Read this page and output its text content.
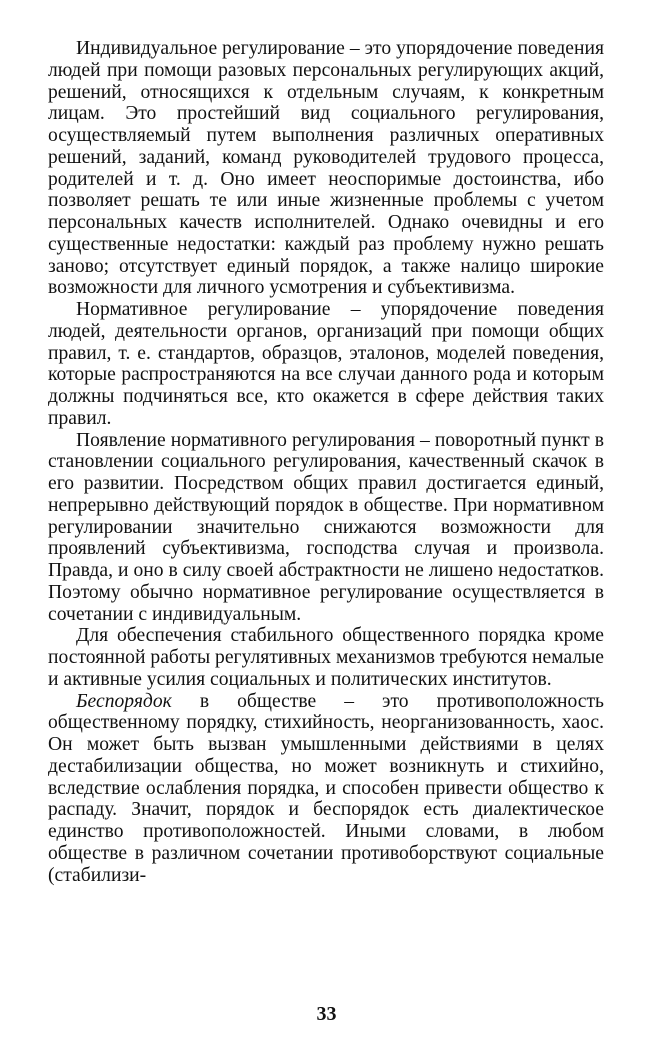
Индивидуальное регулирование – это упорядочение поведения людей при помощи разовых персональных регулирующих акций, решений, относящихся к отдельным случаям, к конкретным лицам. Это простейший вид социального регулирования, осуществляемый путем выполнения различных оперативных решений, заданий, команд руководителей трудового процесса, родителей и т. д. Оно имеет неоспоримые достоинства, ибо позволяет решать те или иные жизненные проблемы с учетом персональных качеств исполнителей. Однако очевидны и его существенные недостатки: каждый раз проблему нужно решать заново; отсутствует единый порядок, а также налицо широкие возможности для личного усмотрения и субъективизма.

Нормативное регулирование – упорядочение поведения людей, деятельности органов, организаций при помощи общих правил, т. е. стандартов, образцов, эталонов, моделей поведения, которые распространяются на все случаи данного рода и которым должны подчиняться все, кто окажется в сфере действия таких правил.

Появление нормативного регулирования – поворотный пункт в становлении социального регулирования, качественный скачок в его развитии. Посредством общих правил достигается единый, непрерывно действующий порядок в обществе. При нормативном регулировании значительно снижаются возможности для проявлений субъективизма, господства случая и произвола. Правда, и оно в силу своей абстрактности не лишено недостатков. Поэтому обычно нормативное регулирование осуществляется в сочетании с индивидуальным.

Для обеспечения стабильного общественного порядка кроме постоянной работы регулятивных механизмов требуются немалые и активные усилия социальных и политических институтов.

Беспорядок в обществе – это противоположность общественному порядку, стихийность, неорганизованность, хаос. Он может быть вызван умышленными действиями в целях дестабилизации общества, но может возникнуть и стихийно, вследствие ослабления порядка, и способен привести общество к распаду. Значит, порядок и беспорядок есть диалектическое единство противоположностей. Иными словами, в любом обществе в различном сочетании противоборствуют социальные (стабилизи-

33
